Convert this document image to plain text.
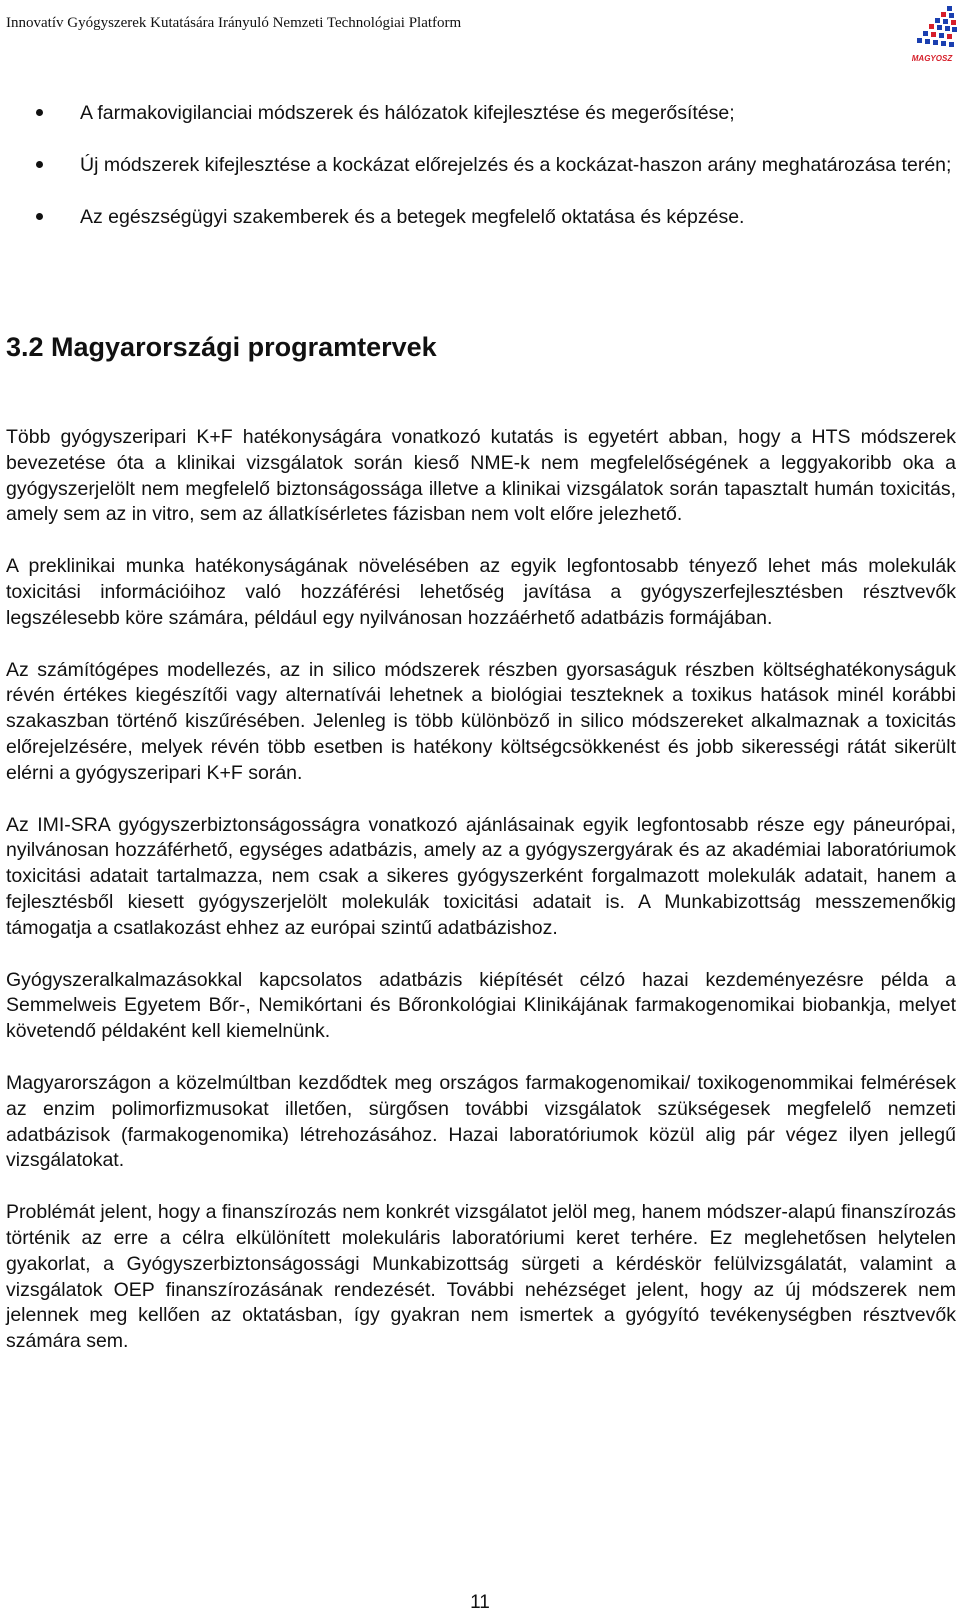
Innovatív Gyógyszerek Kutatására Irányuló Nemzeti Technológiai Platform
MAGYOSZ
A farmakovigilanciai módszerek és hálózatok kifejlesztése és megerősítése;
Új módszerek kifejlesztése a kockázat előrejelzés és a kockázat-haszon arány meghatározása terén;
Az egészségügyi szakemberek és a betegek megfelelő oktatása és képzése.
3.2 Magyarországi programtervek

Több gyógyszeripari K+F hatékonyságára vonatkozó kutatás is egyetért abban, hogy a HTS módszerek bevezetése óta a klinikai vizsgálatok során kieső NME-k nem megfelelőségének a leggyakoribb oka a gyógyszerjelölt nem megfelelő biztonságossága illetve a klinikai vizsgálatok során tapasztalt humán toxicitás, amely sem az in vitro, sem az állatkísérletes fázisban nem volt előre jelezhető.

A preklinikai munka hatékonyságának növelésében az egyik legfontosabb tényező lehet más molekulák toxicitási információihoz való hozzáférési lehetőség javítása a gyógyszerfejlesztésben résztvevők legszélesebb köre számára, például egy nyilvánosan hozzáérhető adatbázis formájában.

Az számítógépes modellezés, az in silico módszerek részben gyorsaságuk részben költséghatékonyságuk révén értékes kiegészítői vagy alternatívái lehetnek a biológiai teszteknek a toxikus hatások minél korábbi szakaszban történő kiszűrésében. Jelenleg is több különböző in silico módszereket alkalmaznak a toxicitás előrejelzésére, melyek révén több esetben is hatékony költségcsökkenést és jobb sikerességi rátát sikerült elérni a gyógyszeripari K+F során.

Az IMI-SRA gyógyszerbiztonságosságra vonatkozó ajánlásainak egyik legfontosabb része egy páneurópai, nyilvánosan hozzáférhető, egységes adatbázis, amely az a gyógyszergyárak és az akadémiai laboratóriumok toxicitási adatait tartalmazza, nem csak a sikeres gyógyszerként forgalmazott molekulák adatait, hanem a fejlesztésből kiesett gyógyszerjelölt molekulák toxicitási adatait is. A Munkabizottság messzemenőkig támogatja a csatlakozást ehhez az európai szintű adatbázishoz.

Gyógyszeralkalmazásokkal kapcsolatos adatbázis kiépítését célzó hazai kezdeményezésre példa a Semmelweis Egyetem Bőr-, Nemikórtani és Bőronkológiai Klinikájának farmakogenomikai biobankja, melyet követendő példaként kell kiemelnünk.

Magyarországon a közelmúltban kezdődtek meg országos farmakogenomikai/ toxikogenommikai felmérések az enzim polimorfizmusokat illetően, sürgősen további vizsgálatok szükségesek megfelelő nemzeti adatbázisok (farmakogenomika) létrehozásához. Hazai laboratóriumok közül alig pár végez ilyen jellegű vizsgálatokat.

Problémát jelent, hogy a finanszírozás nem konkrét vizsgálatot jelöl meg, hanem módszer-alapú finanszírozás történik az erre a célra elkülönített molekuláris laboratóriumi keret terhére. Ez meglehetősen helytelen gyakorlat, a Gyógyszerbiztonságossági Munkabizottság sürgeti a kérdéskör felülvizsgálatát, valamint a vizsgálatok OEP finanszírozásának rendezését. További nehézséget jelent, hogy az új módszerek nem jelennek meg kellően az oktatásban, így gyakran nem ismertek a gyógyító tevékenységben résztvevők számára sem.

11
